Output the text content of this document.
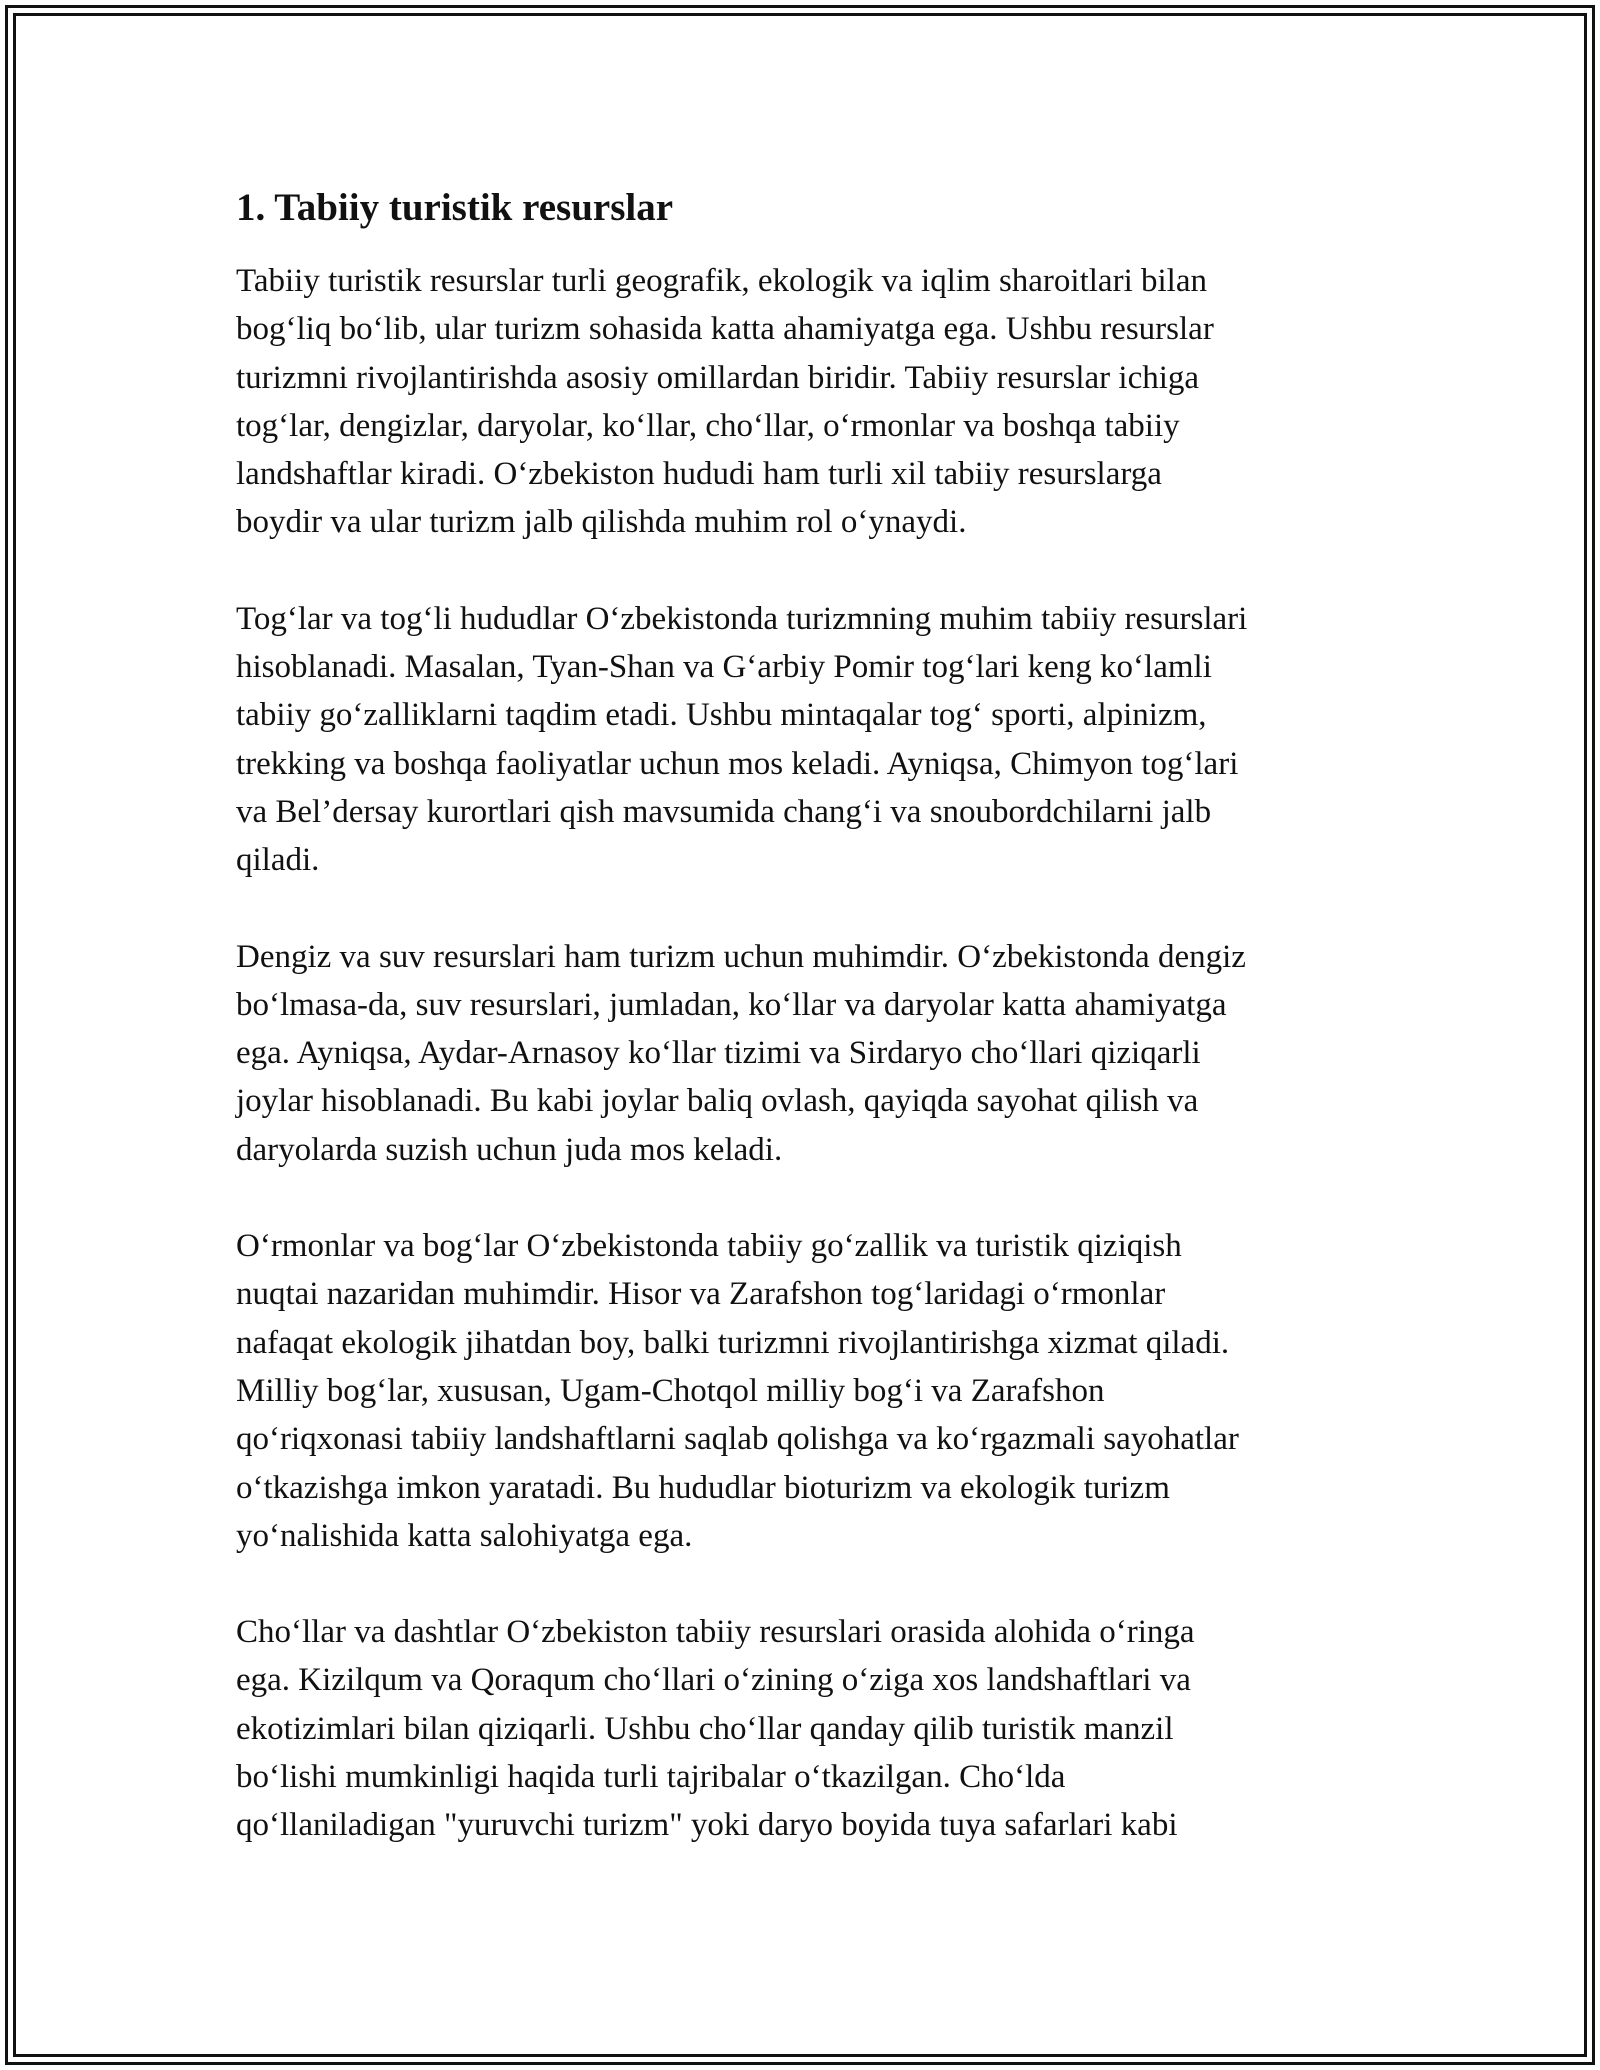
1. Tabiiy turistik resurslar

Tabiiy turistik resurslar turli geografik, ekologik va iqlim sharoitlari bilan
bog‘liq bo‘lib, ular turizm sohasida katta ahamiyatga ega. Ushbu resurslar
turizmni rivojlantirishda asosiy omillardan biridir. Tabiiy resurslar ichiga
tog‘lar, dengizlar, daryolar, ko‘llar, cho‘llar, o‘rmonlar va boshqa tabiiy
landshaftlar kiradi. O‘zbekiston hududi ham turli xil tabiiy resurslarga
boydir va ular turizm jalb qilishda muhim rol o‘ynaydi.

Tog‘lar va tog‘li hududlar O‘zbekistonda turizmning muhim tabiiy resurslari
hisoblanadi. Masalan, Tyan-Shan va G‘arbiy Pomir tog‘lari keng ko‘lamli
tabiiy go‘zalliklarni taqdim etadi. Ushbu mintaqalar tog‘ sporti, alpinizm,
trekking va boshqa faoliyatlar uchun mos keladi. Ayniqsa, Chimyon tog‘lari
va Bel’dersay kurortlari qish mavsumida chang‘i va snoubordchilarni jalb
qiladi.

Dengiz va suv resurslari ham turizm uchun muhimdir. O‘zbekistonda dengiz
bo‘lmasa-da, suv resurslari, jumladan, ko‘llar va daryolar katta ahamiyatga
ega. Ayniqsa, Aydar-Arnasoy ko‘llar tizimi va Sirdaryo cho‘llari qiziqarli
joylar hisoblanadi. Bu kabi joylar baliq ovlash, qayiqda sayohat qilish va
daryolarda suzish uchun juda mos keladi.

O‘rmonlar va bog‘lar O‘zbekistonda tabiiy go‘zallik va turistik qiziqish
nuqtai nazaridan muhimdir. Hisor va Zarafshon tog‘laridagi o‘rmonlar
nafaqat ekologik jihatdan boy, balki turizmni rivojlantirishga xizmat qiladi.
Milliy bog‘lar, xususan, Ugam-Chotqol milliy bog‘i va Zarafshon
qo‘riqxonasi tabiiy landshaftlarni saqlab qolishga va ko‘rgazmali sayohatlar
o‘tkazishga imkon yaratadi. Bu hududlar bioturizm va ekologik turizm
yo‘nalishida katta salohiyatga ega.

Cho‘llar va dashtlar O‘zbekiston tabiiy resurslari orasida alohida o‘ringa
ega. Kizilqum va Qoraqum cho‘llari o‘zining o‘ziga xos landshaftlari va
ekotizimlari bilan qiziqarli. Ushbu cho‘llar qanday qilib turistik manzil
bo‘lishi mumkinligi haqida turli tajribalar o‘tkazilgan. Cho‘lda
qo‘llaniladigan "yuruvchi turizm" yoki daryo boyida tuya safarlari kabi
